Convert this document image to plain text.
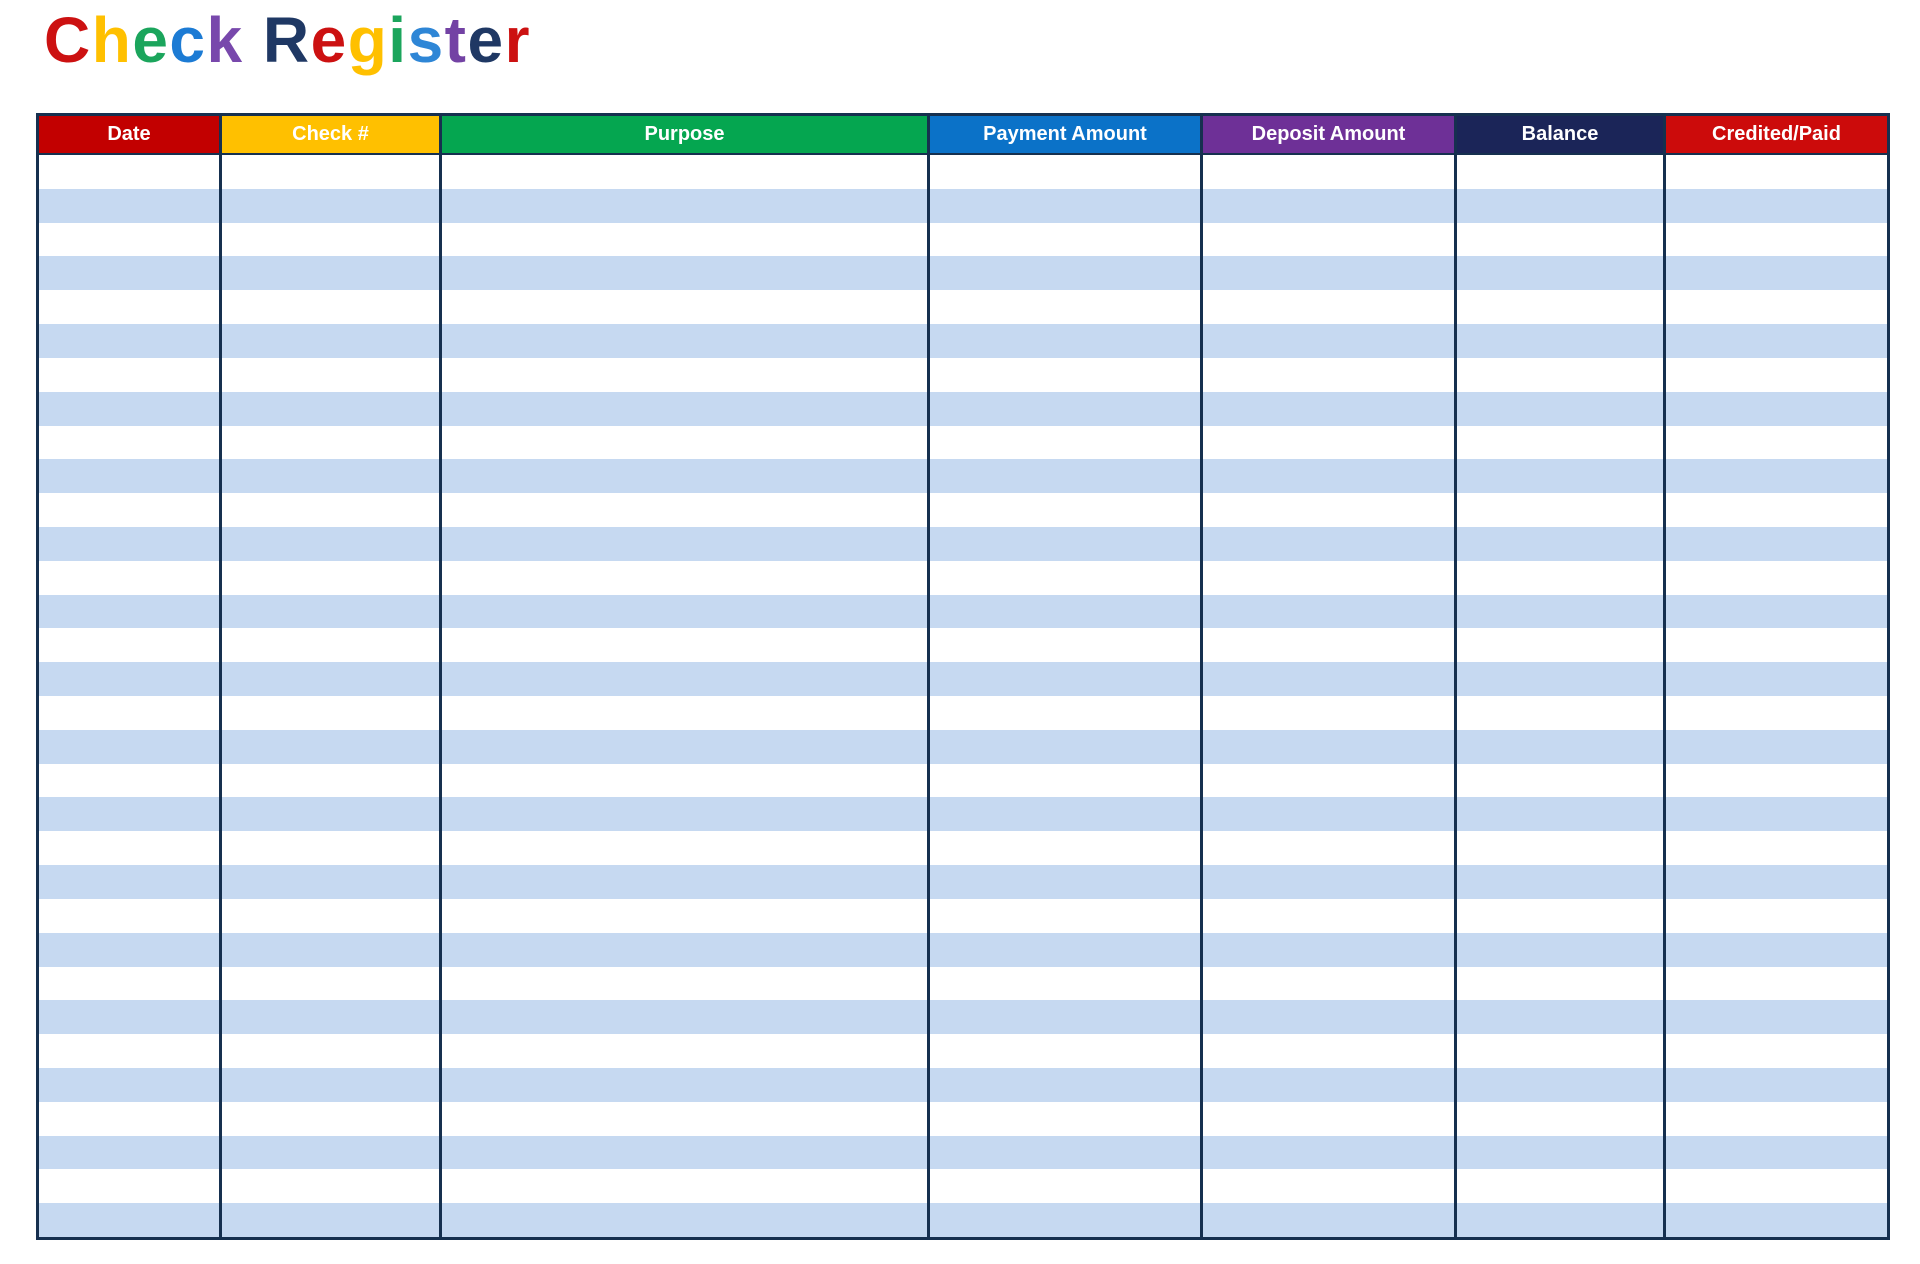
Check Register
Date	Check #	Purpose	Payment Amount	Deposit Amount	Balance	Credited/Paid
